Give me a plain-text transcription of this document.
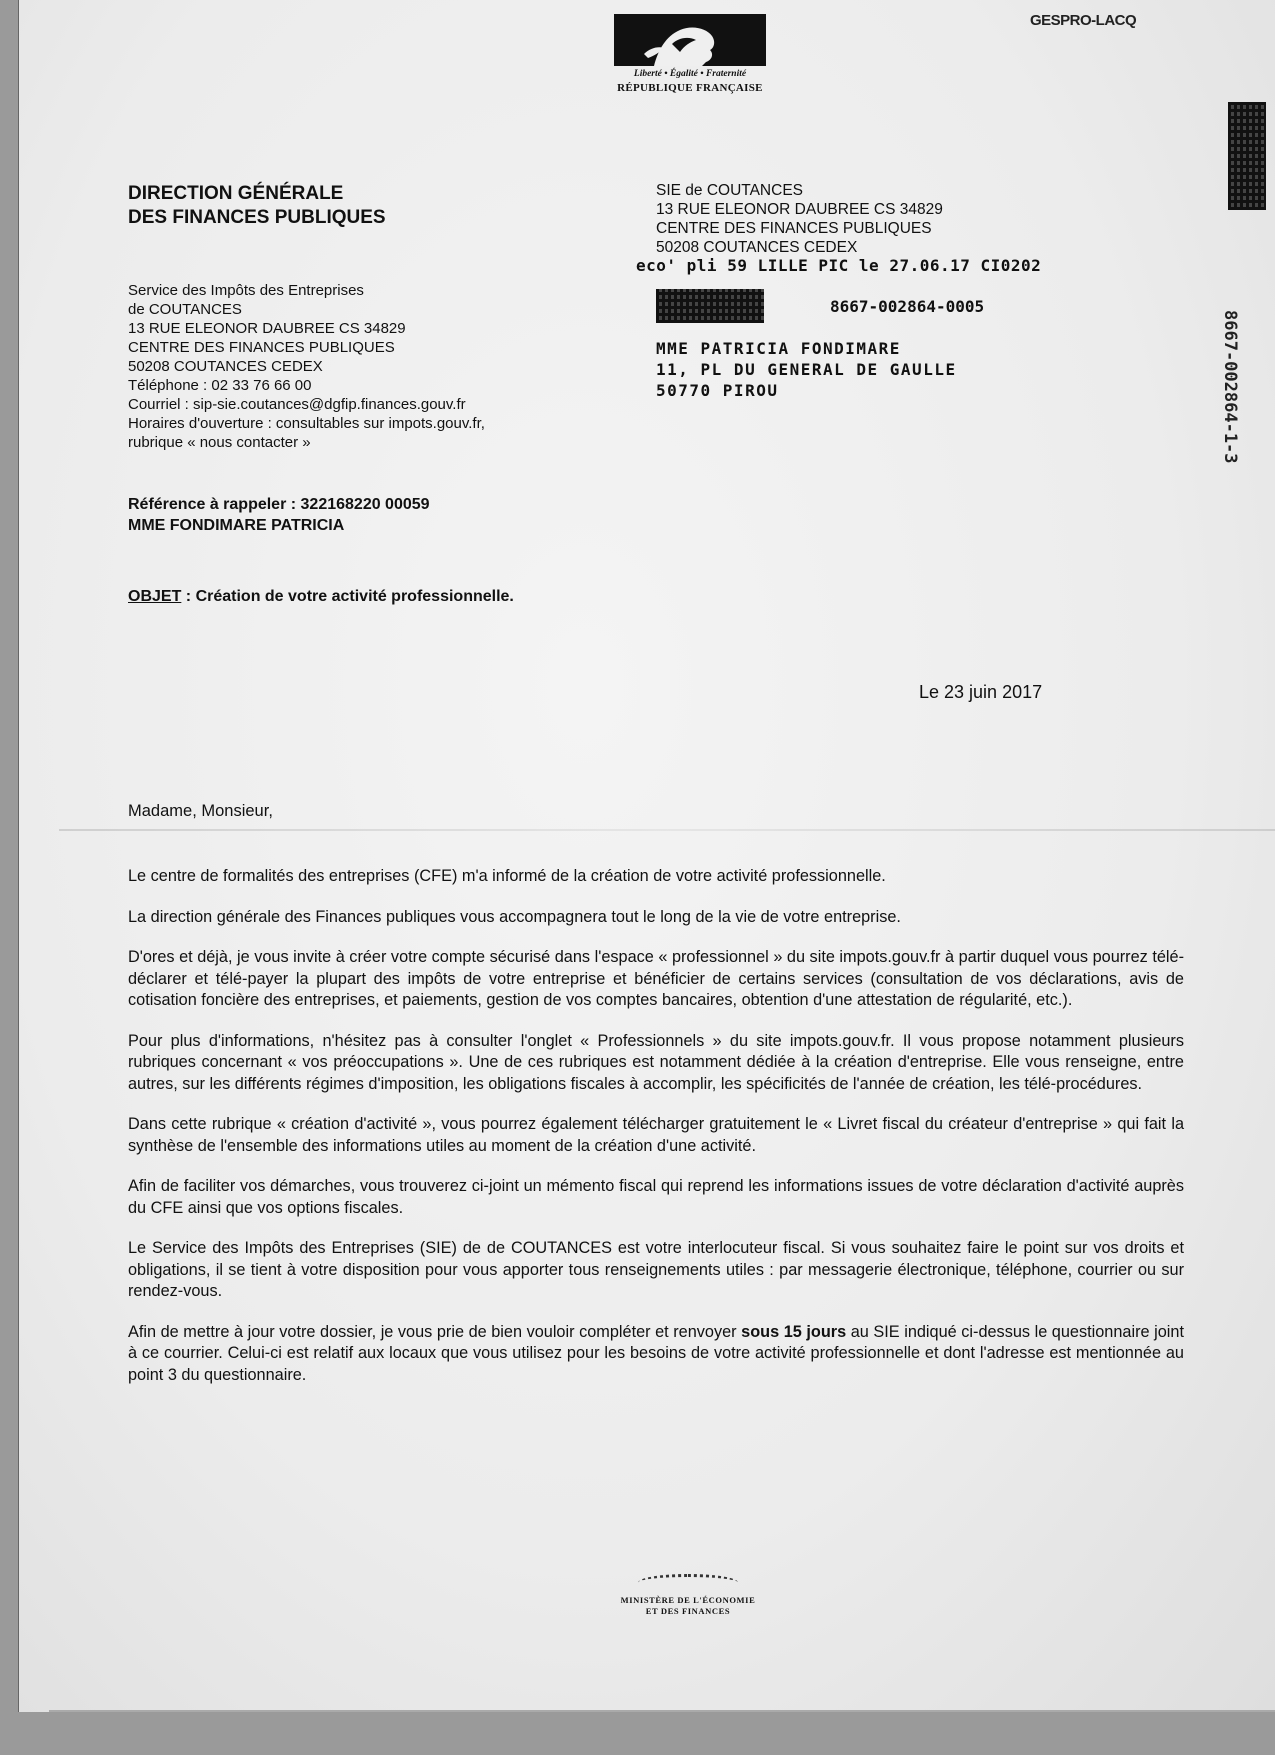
Liberté • Égalité • Fraternité
RÉPUBLIQUE FRANÇAISE
GESPRO-LACQ
8667-002864-1-3
DIRECTION GÉNÉRALE
DES FINANCES PUBLIQUES
Service des Impôts des Entreprises
de COUTANCES
13 RUE ELEONOR DAUBREE CS 34829
CENTRE DES FINANCES PUBLIQUES
50208 COUTANCES CEDEX
Téléphone : 02 33 76 66 00
Courriel : sip-sie.coutances@dgfip.finances.gouv.fr
Horaires d'ouverture : consultables sur impots.gouv.fr,
rubrique « nous contacter »
SIE de COUTANCES
13 RUE ELEONOR DAUBREE CS 34829
CENTRE DES FINANCES PUBLIQUES
50208 COUTANCES CEDEX
eco' pli 59 LILLE PIC le 27.06.17 CI0202
8667-002864-0005
MME PATRICIA FONDIMARE
11, PL DU GENERAL DE GAULLE
50770 PIROU
Référence à rappeler : 322168220 00059
MME FONDIMARE PATRICIA
OBJET : Création de votre activité professionnelle.
Le 23 juin 2017
Madame, Monsieur,

Le centre de formalités des entreprises (CFE) m'a informé de la création de votre activité professionnelle.

La direction générale des Finances publiques vous accompagnera tout le long de la vie de votre entreprise.

D'ores et déjà, je vous invite à créer votre compte sécurisé dans l'espace « professionnel » du site impots.gouv.fr à partir duquel vous pourrez télé-déclarer et télé-payer la plupart des impôts de votre entreprise et bénéficier de certains services (consultation de vos déclarations, avis de cotisation foncière des entreprises, et paiements, gestion de vos comptes bancaires, obtention d'une attestation de régularité, etc.).

Pour plus d'informations, n'hésitez pas à consulter l'onglet « Professionnels » du site impots.gouv.fr. Il vous propose notamment plusieurs rubriques concernant « vos préoccupations ». Une de ces rubriques est notamment dédiée à la création d'entreprise. Elle vous renseigne, entre autres, sur les différents régimes d'imposition, les obligations fiscales à accomplir, les spécificités de l'année de création, les télé-procédures.

Dans cette rubrique « création d'activité », vous pourrez également télécharger gratuitement le « Livret fiscal du créateur d'entreprise » qui fait la synthèse de l'ensemble des informations utiles au moment de la création d'une activité.

Afin de faciliter vos démarches, vous trouverez ci-joint un mémento fiscal qui reprend les informations issues de votre déclaration d'activité auprès du CFE ainsi que vos options fiscales.

Le Service des Impôts des Entreprises (SIE) de de COUTANCES est votre interlocuteur fiscal. Si vous souhaitez faire le point sur vos droits et obligations, il se tient à votre disposition pour vous apporter tous renseignements utiles : par messagerie électronique, téléphone, courrier ou sur rendez-vous.

Afin de mettre à jour votre dossier, je vous prie de bien vouloir compléter et renvoyer sous 15 jours au SIE indiqué ci-dessus le questionnaire joint à ce courrier. Celui-ci est relatif aux locaux que vous utilisez pour les besoins de votre activité professionnelle et dont l'adresse est mentionnée au point 3 du questionnaire.

MINISTÈRE DE L'ÉCONOMIE
ET DES FINANCES
